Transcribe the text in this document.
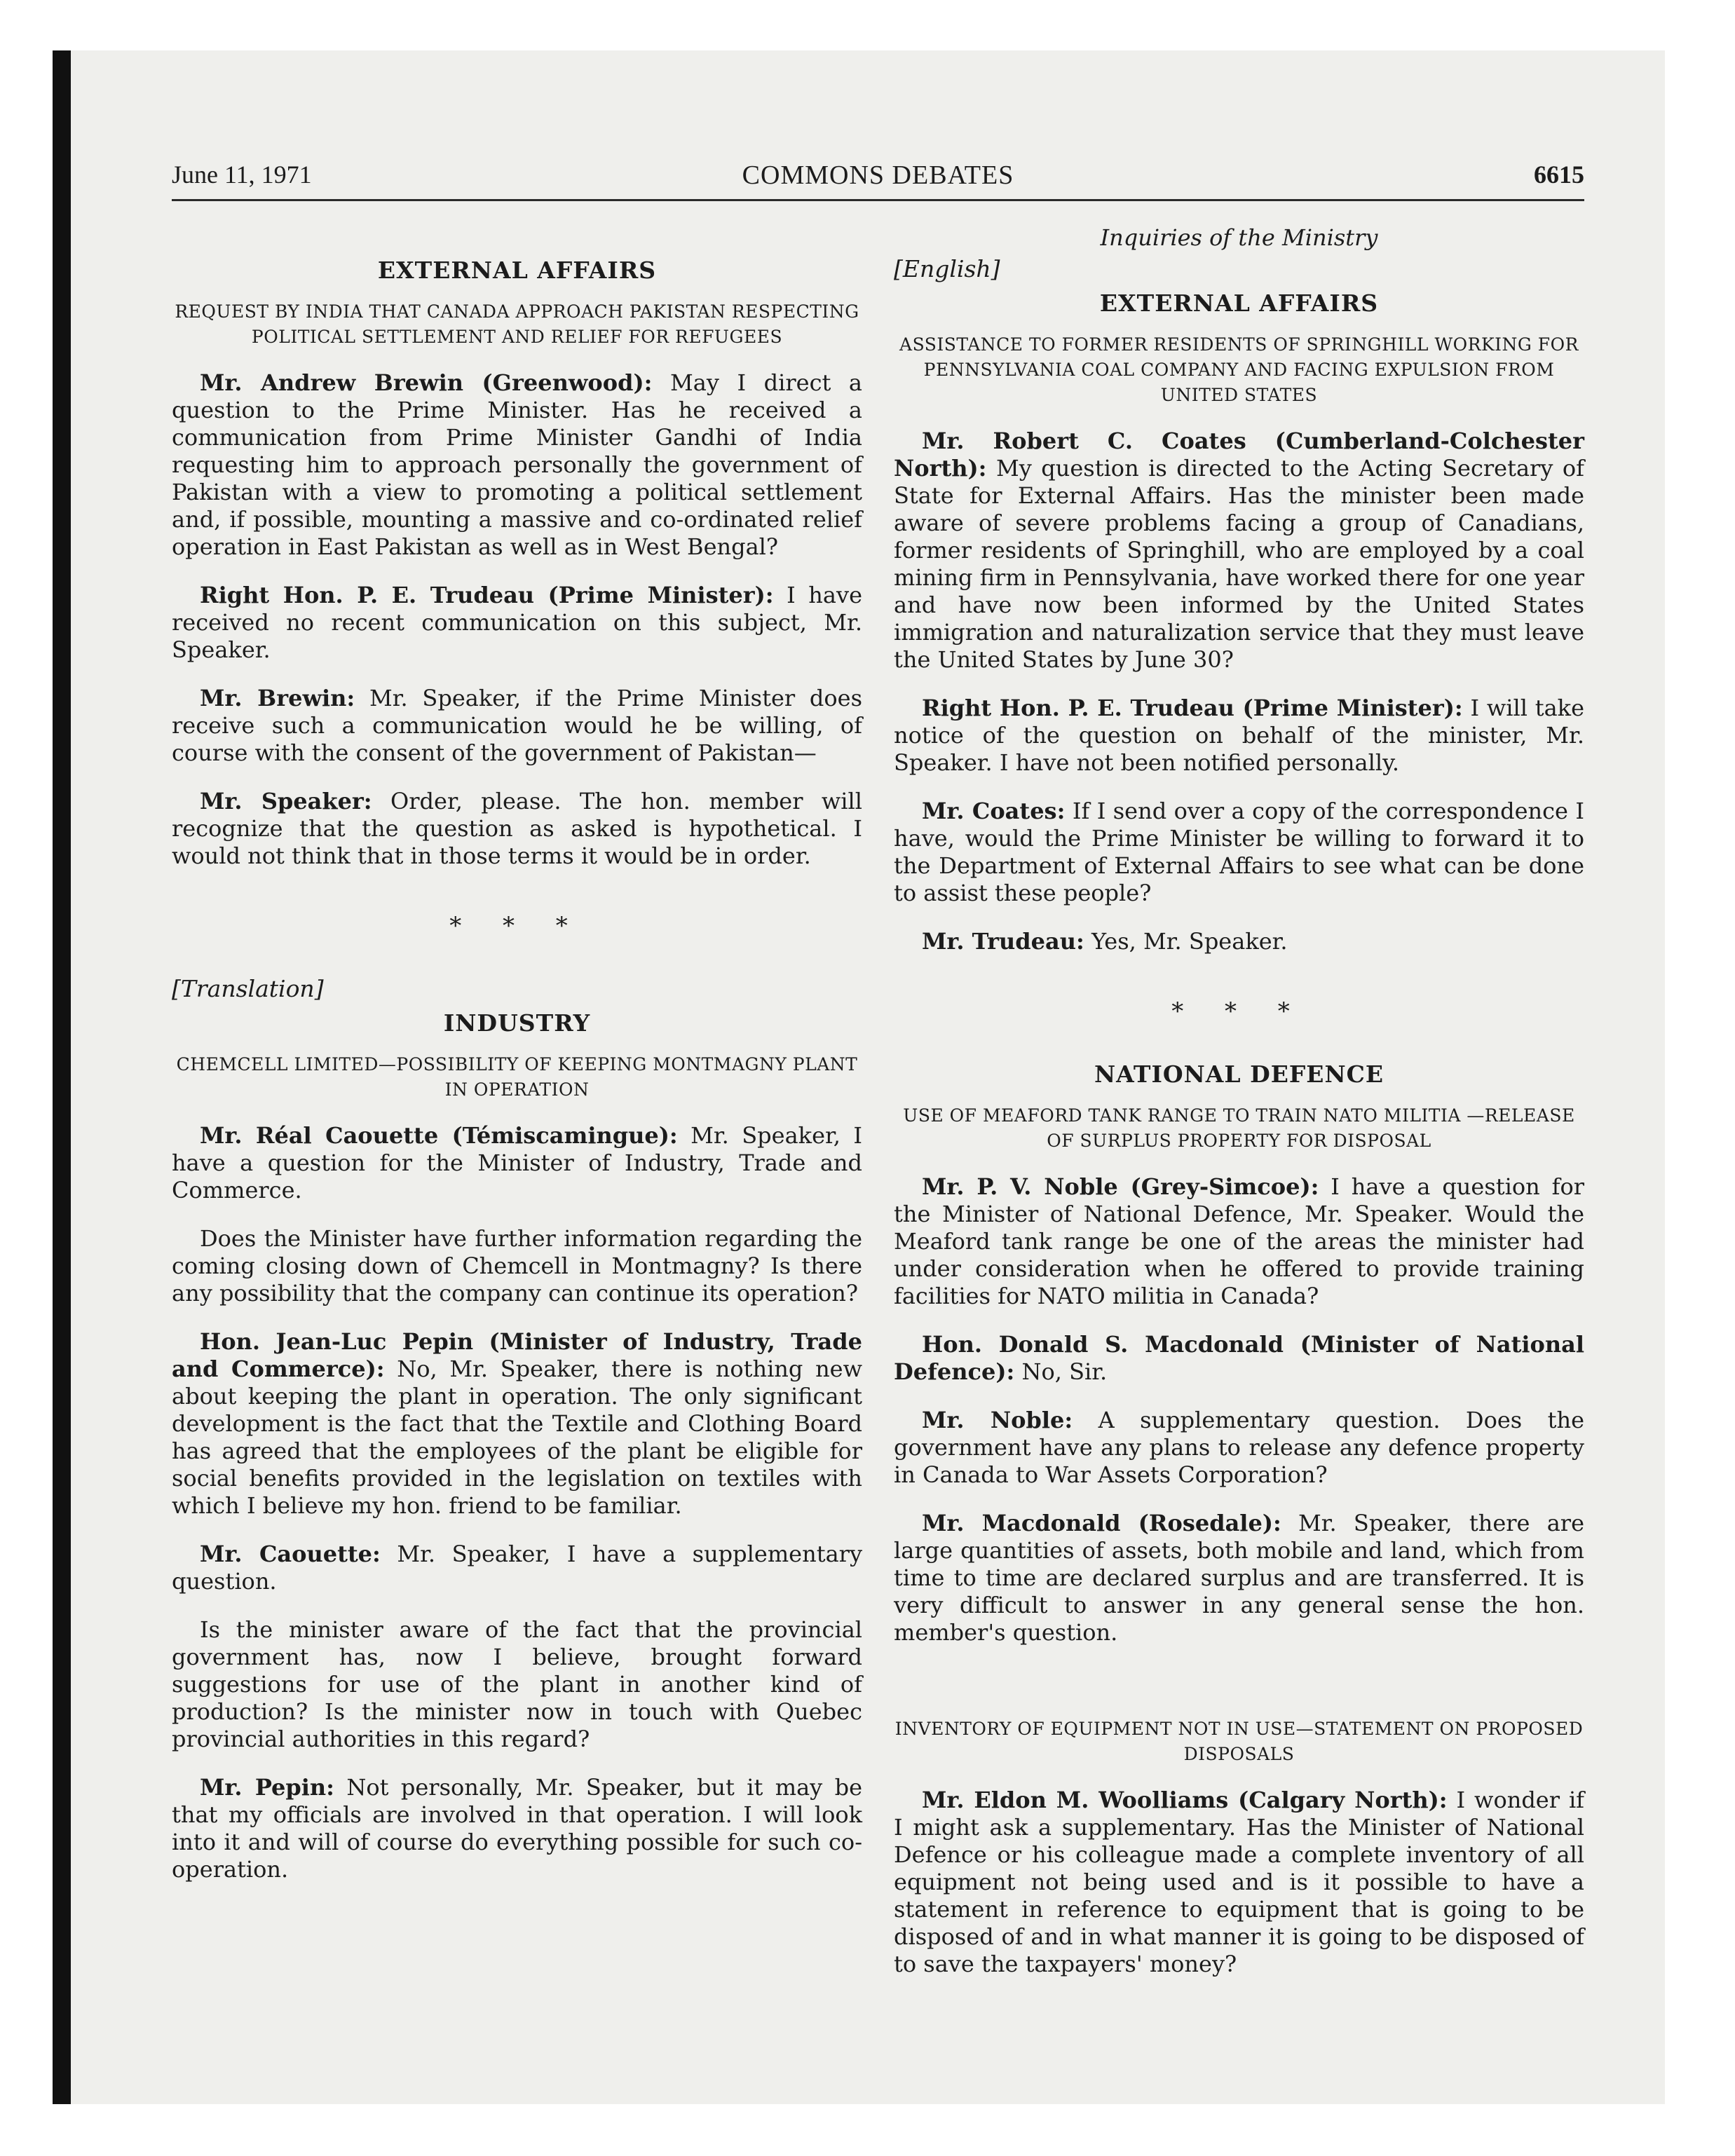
June 11, 1971	COMMONS DEBATES	6615
EXTERNAL AFFAIRS
REQUEST BY INDIA THAT CANADA APPROACH PAKISTAN RESPECTING POLITICAL SETTLEMENT AND RELIEF FOR REFUGEES

Mr. Andrew Brewin (Greenwood): May I direct a question to the Prime Minister. Has he received a communication from Prime Minister Gandhi of India requesting him to approach personally the government of Pakistan with a view to promoting a political settlement and, if possible, mounting a massive and co-ordinated relief operation in East Pakistan as well as in West Bengal?

Right Hon. P. E. Trudeau (Prime Minister): I have received no recent communication on this subject, Mr. Speaker.

Mr. Brewin: Mr. Speaker, if the Prime Minister does receive such a communication would he be willing, of course with the consent of the government of Pakistan—

Mr. Speaker: Order, please. The hon. member will recognize that the question as asked is hypothetical. I would not think that in those terms it would be in order.

* * *
[Translation]
INDUSTRY
CHEMCELL LIMITED—POSSIBILITY OF KEEPING MONTMAGNY PLANT IN OPERATION

Mr. Réal Caouette (Témiscamingue): Mr. Speaker, I have a question for the Minister of Industry, Trade and Commerce.

Does the Minister have further information regarding the coming closing down of Chemcell in Montmagny? Is there any possibility that the company can continue its operation?

Hon. Jean-Luc Pepin (Minister of Industry, Trade and Commerce): No, Mr. Speaker, there is nothing new about keeping the plant in operation. The only significant development is the fact that the Textile and Clothing Board has agreed that the employees of the plant be eligible for social benefits provided in the legislation on textiles with which I believe my hon. friend to be familiar.

Mr. Caouette: Mr. Speaker, I have a supplementary question.

Is the minister aware of the fact that the provincial government has, now I believe, brought forward suggestions for use of the plant in another kind of production? Is the minister now in touch with Quebec provincial authorities in this regard?

Mr. Pepin: Not personally, Mr. Speaker, but it may be that my officials are involved in that operation. I will look into it and will of course do everything possible for such co-operation.

Inquiries of the Ministry
[English]
EXTERNAL AFFAIRS
ASSISTANCE TO FORMER RESIDENTS OF SPRINGHILL WORKING FOR PENNSYLVANIA COAL COMPANY AND FACING EXPULSION FROM UNITED STATES

Mr. Robert C. Coates (Cumberland-Colchester North): My question is directed to the Acting Secretary of State for External Affairs. Has the minister been made aware of severe problems facing a group of Canadians, former residents of Springhill, who are employed by a coal mining firm in Pennsylvania, have worked there for one year and have now been informed by the United States immigration and naturalization service that they must leave the United States by June 30?

Right Hon. P. E. Trudeau (Prime Minister): I will take notice of the question on behalf of the minister, Mr. Speaker. I have not been notified personally.

Mr. Coates: If I send over a copy of the correspondence I have, would the Prime Minister be willing to forward it to the Department of External Affairs to see what can be done to assist these people?

Mr. Trudeau: Yes, Mr. Speaker.

* * *
NATIONAL DEFENCE
USE OF MEAFORD TANK RANGE TO TRAIN NATO MILITIA —RELEASE OF SURPLUS PROPERTY FOR DISPOSAL

Mr. P. V. Noble (Grey-Simcoe): I have a question for the Minister of National Defence, Mr. Speaker. Would the Meaford tank range be one of the areas the minister had under consideration when he offered to provide training facilities for NATO militia in Canada?

Hon. Donald S. Macdonald (Minister of National Defence): No, Sir.

Mr. Noble: A supplementary question. Does the government have any plans to release any defence property in Canada to War Assets Corporation?

Mr. Macdonald (Rosedale): Mr. Speaker, there are large quantities of assets, both mobile and land, which from time to time are declared surplus and are transferred. It is very difficult to answer in any general sense the hon. member's question.

INVENTORY OF EQUIPMENT NOT IN USE—STATEMENT ON PROPOSED DISPOSALS

Mr. Eldon M. Woolliams (Calgary North): I wonder if I might ask a supplementary. Has the Minister of National Defence or his colleague made a complete inventory of all equipment not being used and is it possible to have a statement in reference to equipment that is going to be disposed of and in what manner it is going to be disposed of to save the taxpayers' money?
